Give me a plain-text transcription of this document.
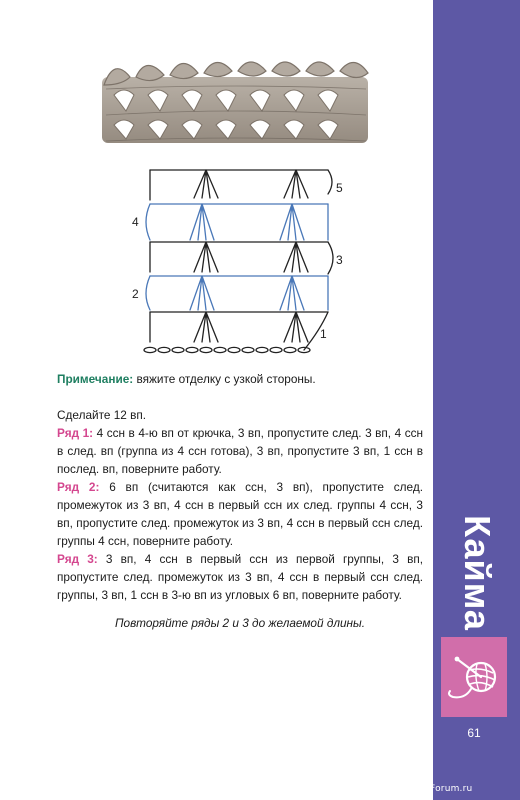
Кайма
61
PassionForum.ru
5
4
3
2
1

Примечание: вяжите отделку с узкой стороны.

Сделайте 12 вп.

Ряд 1: 4 ссн в 4-ю вп от крючка, 3 вп, пропустите след. 3 вп, 4 ссн в след. вп (группа из 4 ссн готова), 3 вп, пропустите 3 вп, 1 ссн в послед. вп, поверните работу.

Ряд 2: 6 вп (считаются как ссн, 3 вп), пропустите след. промежуток из 3 вп, 4 ссн в первый ссн их след. группы 4 ссн, 3 вп, пропустите след. промежуток из 3 вп, 4 ссн в первый ссн след. группы 4 ссн, поверните работу.

Ряд 3: 3 вп, 4 ссн в первый ссн из первой группы, 3 вп, пропустите след. промежуток из 3 вп, 4 ссн в первый ссн след. группы, 3 вп, 1 ссн в 3-ю вп из угловых 6 вп, поверните работу.

Повторяйте ряды 2 и 3 до желаемой длины.
